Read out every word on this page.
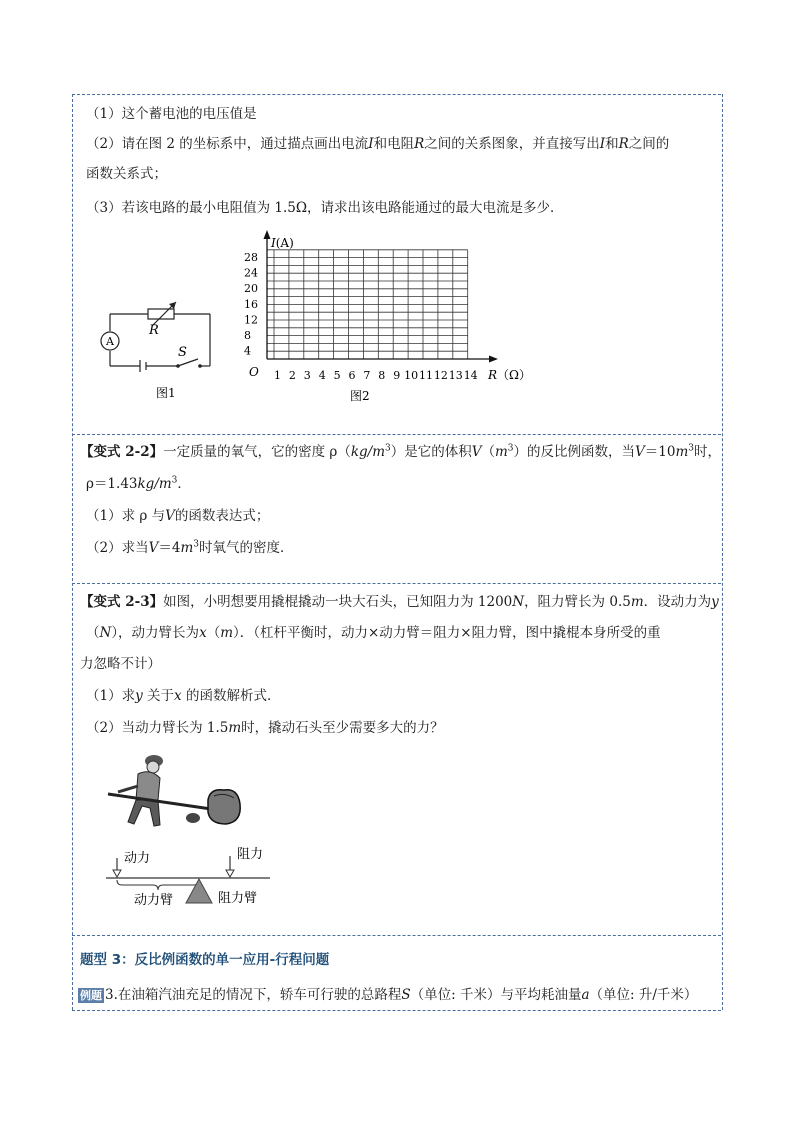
（1）这个蓄电池的电压值是
（2）请在图 2 的坐标系中，通过描点画出电流I和电阻R之间的关系图象，并直接写出I和R之间的
函数关系式；
（3）若该电路的最小电阻值为 1.5Ω，请求出该电路能通过的最大电流是多少．
A
R
S
图1
I(A)
R（Ω）
O
28
24
20
16
12
8
4
1 2 3 4 5 6 7 8 9 10 11 12 13 14
图2
【变式 2-2】一定质量的氧气，它的密度 $\rho(kg/m^3)$是它的体积$V(m^3)$的反比例函数，当$V=10m^3$时，
$\rho=1.43kg/m^3$．
（1）求 ρ 与V的函数表达式；
（2）求当$V=4m^3$时氧气的密度．
【变式 2-3】如图，小明想要用撬棍撬动一块大石头，已知阻力为 1200N，阻力臂长为 0.5m．设动力为y
（N），动力臂长为x（m）．（杠杆平衡时，动力×动力臂＝阻力×阻力臂，图中撬棍本身所受的重
力忽略不计）
（1）求y 关于x 的函数解析式．
（2）当动力臂长为 1.5m时，撬动石头至少需要多大的力？
动力	阻力
动力臂	阻力臂
题型 3：反比例函数的单一应用-行程问题
例题 3.在油箱汽油充足的情况下，轿车可行驶的总路程S（单位: 千米）与平均耗油量a（单位: 升/千米）
